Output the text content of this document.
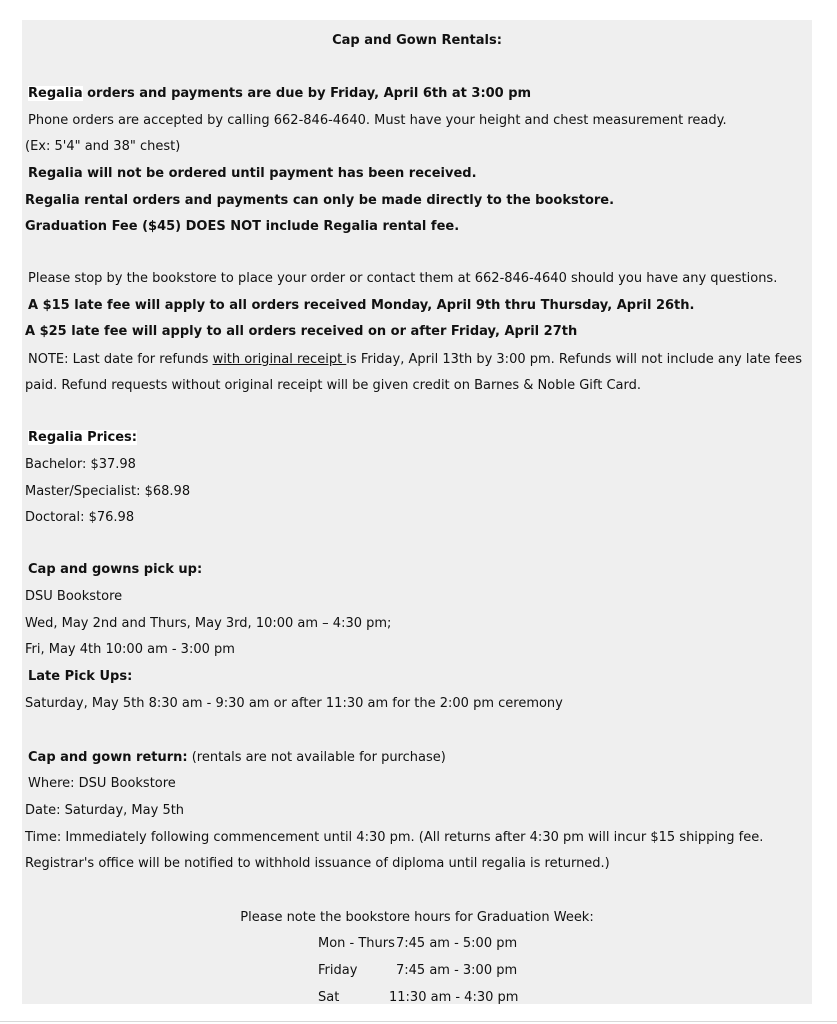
Cap and Gown Rentals:
Regalia orders and payments are due by Friday, April 6th at 3:00 pm
Phone orders are accepted by calling 662-846-4640. Must have your height and chest measurement ready.
(Ex: 5'4" and 38" chest)
Regalia will not be ordered until payment has been received.
Regalia rental orders and payments can only be made directly to the bookstore.
Graduation Fee ($45) DOES NOT include Regalia rental fee.
Please stop by the bookstore to place your order or contact them at 662-846-4640 should you have any questions.
A $15 late fee will apply to all orders received Monday, April 9th thru Thursday, April 26th.
A $25 late fee will apply to all orders received on or after Friday, April 27th
NOTE: Last date for refunds with original receipt is Friday, April 13th by 3:00 pm. Refunds will not include any late fees
paid. Refund requests without original receipt will be given credit on Barnes & Noble Gift Card.
Regalia Prices:
Bachelor: $37.98
Master/Specialist: $68.98
Doctoral: $76.98
Cap and gowns pick up:
DSU Bookstore
Wed, May 2nd and Thurs, May 3rd, 10:00 am – 4:30 pm;
Fri, May 4th 10:00 am - 3:00 pm
Late Pick Ups:
Saturday, May 5th 8:30 am - 9:30 am or after 11:30 am for the 2:00 pm ceremony
Cap and gown return: (rentals are not available for purchase)
Where: DSU Bookstore
Date: Saturday, May 5th
Time: Immediately following commencement until 4:30 pm. (All returns after 4:30 pm will incur $15 shipping fee.
Registrar's office will be notified to withhold issuance of diploma until regalia is returned.)
Please note the bookstore hours for Graduation Week:
Mon - Thurs 7:45 am - 5:00 pm
Friday	7:45 am - 3:00 pm
Sat	11:30 am - 4:30 pm
